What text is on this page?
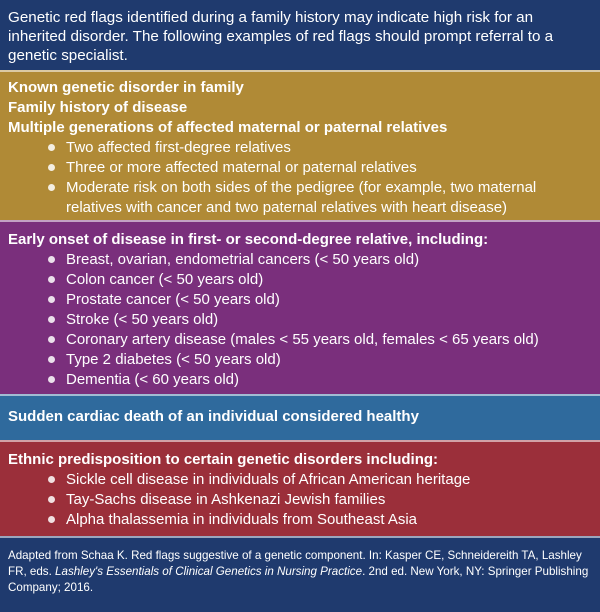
Genetic red flags identified during a family history may indicate high risk for an inherited disorder. The following examples of red flags should prompt referral to a genetic specialist.
Known genetic disorder in family
Family history of disease
Multiple generations of affected maternal or paternal relatives
Two affected first-degree relatives
Three or more affected maternal or paternal relatives
Moderate risk on both sides of the pedigree (for example, two maternal relatives with cancer and two paternal relatives with heart disease)
Early onset of disease in first- or second-degree relative, including:
Breast, ovarian, endometrial cancers (< 50 years old)
Colon cancer (< 50 years old)
Prostate cancer (< 50 years old)
Stroke (< 50 years old)
Coronary artery disease (males < 55 years old, females < 65 years old)
Type 2 diabetes (< 50 years old)
Dementia (< 60 years old)
Sudden cardiac death of an individual considered healthy
Ethnic predisposition to certain genetic disorders including:
Sickle cell disease in individuals of African American heritage
Tay-Sachs disease in Ashkenazi Jewish families
Alpha thalassemia in individuals from Southeast Asia
Adapted from Schaa K. Red flags suggestive of a genetic component. In: Kasper CE, Schneidereith TA, Lashley FR, eds. Lashley's Essentials of Clinical Genetics in Nursing Practice. 2nd ed. New York, NY: Springer Publishing Company; 2016.
